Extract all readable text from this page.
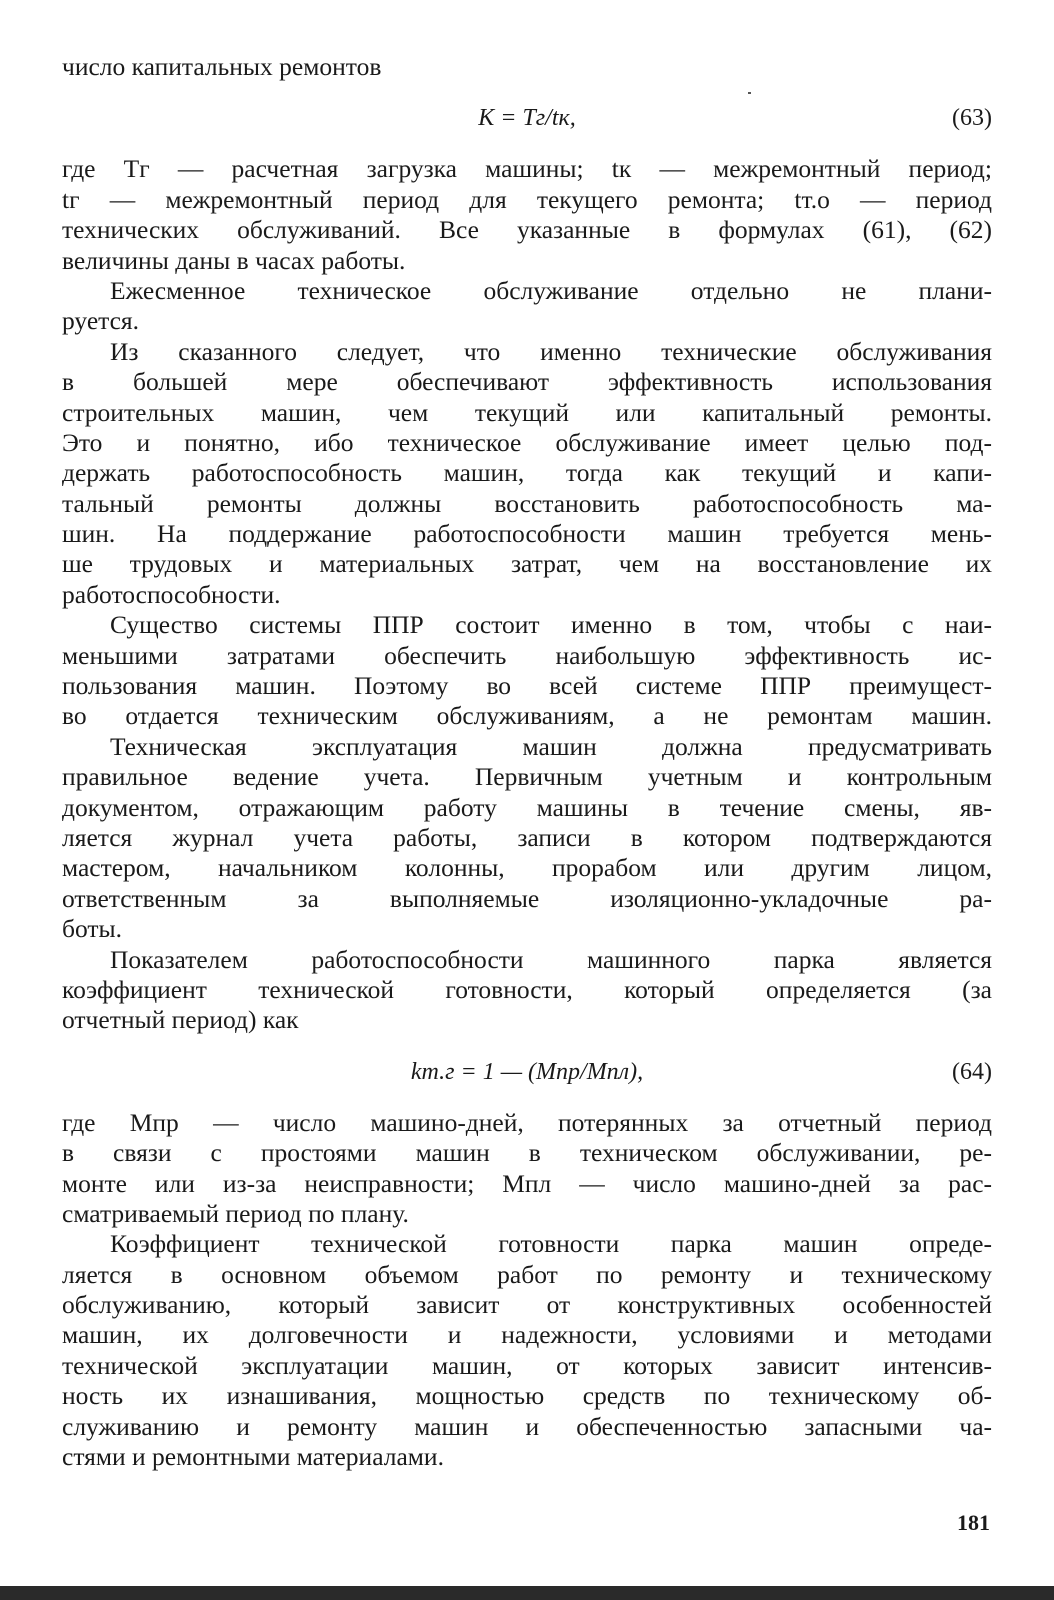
число капитальных ремонтов
K = Tг/tк,	(63)
где Tг — расчетная загрузка машины; tк — межремонтный период;
tг — межремонтный период для текущего ремонта; tт.о — период
технических обслуживаний. Все указанные в формулах (61), (62)
величины даны в часах работы.
Ежесменное техническое обслуживание отдельно не плани-
руется.
Из сказанного следует, что именно технические обслуживания
в большей мере обеспечивают эффективность использования
строительных машин, чем текущий или капитальный ремонты.
Это и понятно, ибо техническое обслуживание имеет целью под-
держать работоспособность машин, тогда как текущий и капи-
тальный ремонты должны восстановить работоспособность ма-
шин. На поддержание работоспособности машин требуется мень-
ше трудовых и материальных затрат, чем на восстановление их
работоспособности.
Существо системы ППР состоит именно в том, чтобы с наи-
меньшими затратами обеспечить наибольшую эффективность ис-
пользования машин. Поэтому во всей системе ППР преимущест-
во отдается техническим обслуживаниям, а не ремонтам машин.
Техническая эксплуатация машин должна предусматривать
правильное ведение учета. Первичным учетным и контрольным
документом, отражающим работу машины в течение смены, яв-
ляется журнал учета работы, записи в котором подтверждаются
мастером, начальником колонны, прорабом или другим лицом,
ответственным за выполняемые изоляционно-укладочные ра-
боты.
Показателем работоспособности машинного парка является
коэффициент технической готовности, который определяется (за
отчетный период) как
kт.г = 1 — (Mпр/Mпл),	(64)
где Mпр — число машино-дней, потерянных за отчетный период
в связи с простоями машин в техническом обслуживании, ре-
монте или из-за неисправности; Mпл — число машино-дней за рас-
сматриваемый период по плану.
Коэффициент технической готовности парка машин опреде-
ляется в основном объемом работ по ремонту и техническому
обслуживанию, который зависит от конструктивных особенностей
машин, их долговечности и надежности, условиями и методами
технической эксплуатации машин, от которых зависит интенсив-
ность их изнашивания, мощностью средств по техническому об-
служиванию и ремонту машин и обеспеченностью запасными ча-
стями и ремонтными материалами.
181
